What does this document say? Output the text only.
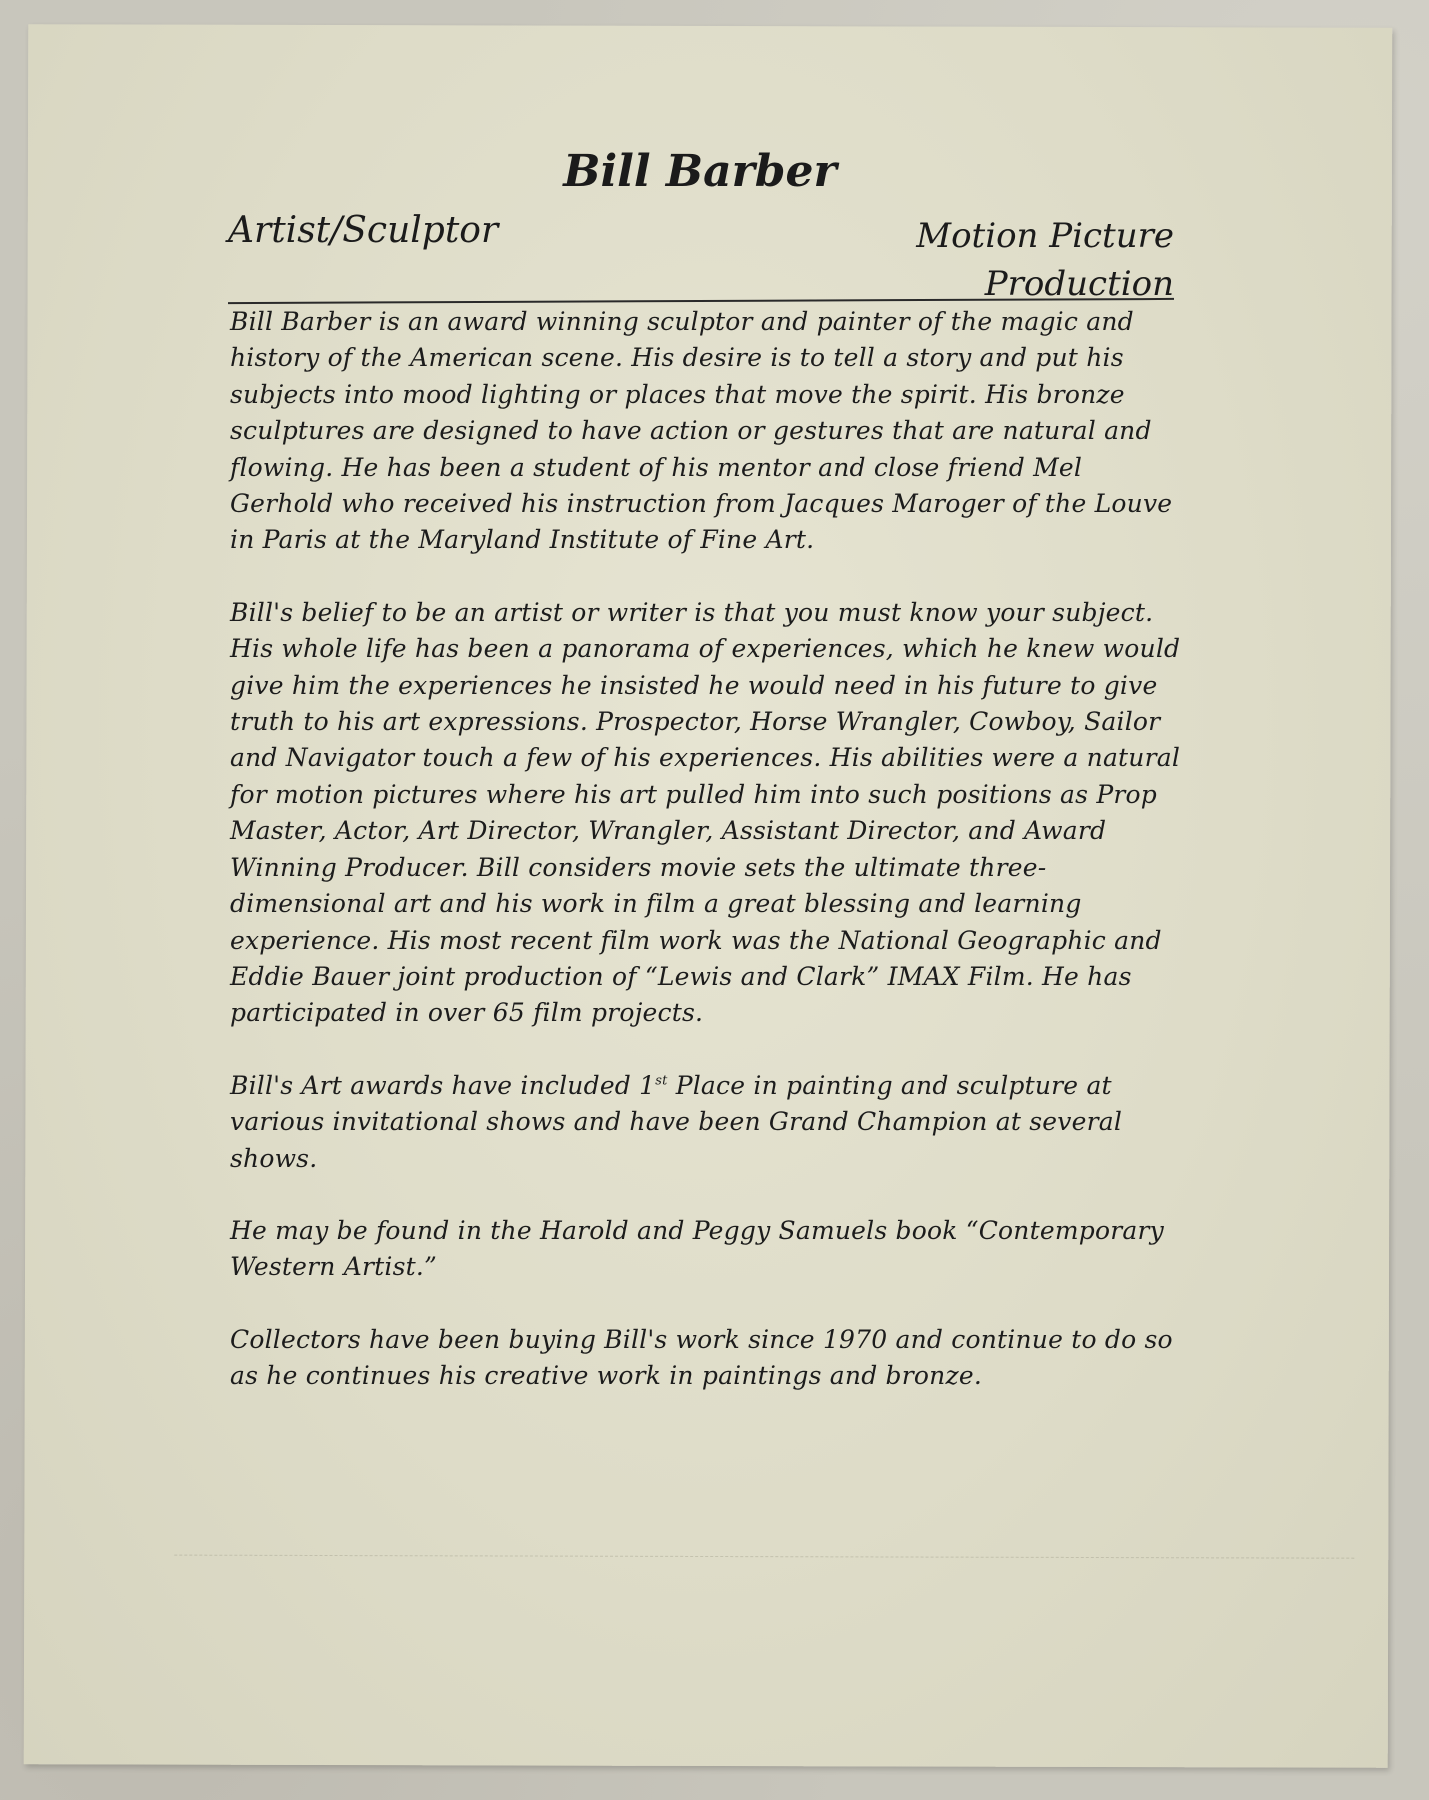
Bill Barber
Artist/Sculptor	Motion Picture
Production

Bill Barber is an award winning sculptor and painter of the magic and history of the American scene. His desire is to tell a story and put his subjects into mood lighting or places that move the spirit. His bronze sculptures are designed to have action or gestures that are natural and flowing. He has been a student of his mentor and close friend Mel Gerhold who received his instruction from Jacques Maroger of the Louve in Paris at the Maryland Institute of Fine Art.

Bill's belief to be an artist or writer is that you must know your subject. His whole life has been a panorama of experiences, which he knew would give him the experiences he insisted he would need in his future to give truth to his art expressions. Prospector, Horse Wrangler, Cowboy, Sailor and Navigator touch a few of his experiences. His abilities were a natural for motion pictures where his art pulled him into such positions as Prop Master, Actor, Art Director, Wrangler, Assistant Director, and Award Winning Producer. Bill considers movie sets the ultimate three-dimensional art and his work in film a great blessing and learning experience. His most recent film work was the National Geographic and Eddie Bauer joint production of “Lewis and Clark” IMAX Film. He has participated in over 65 film projects.

Bill's Art awards have included 1st Place in painting and sculpture at various invitational shows and have been Grand Champion at several shows.

He may be found in the Harold and Peggy Samuels book “Contemporary Western Artist.”

Collectors have been buying Bill's work since 1970 and continue to do so as he continues his creative work in paintings and bronze.
